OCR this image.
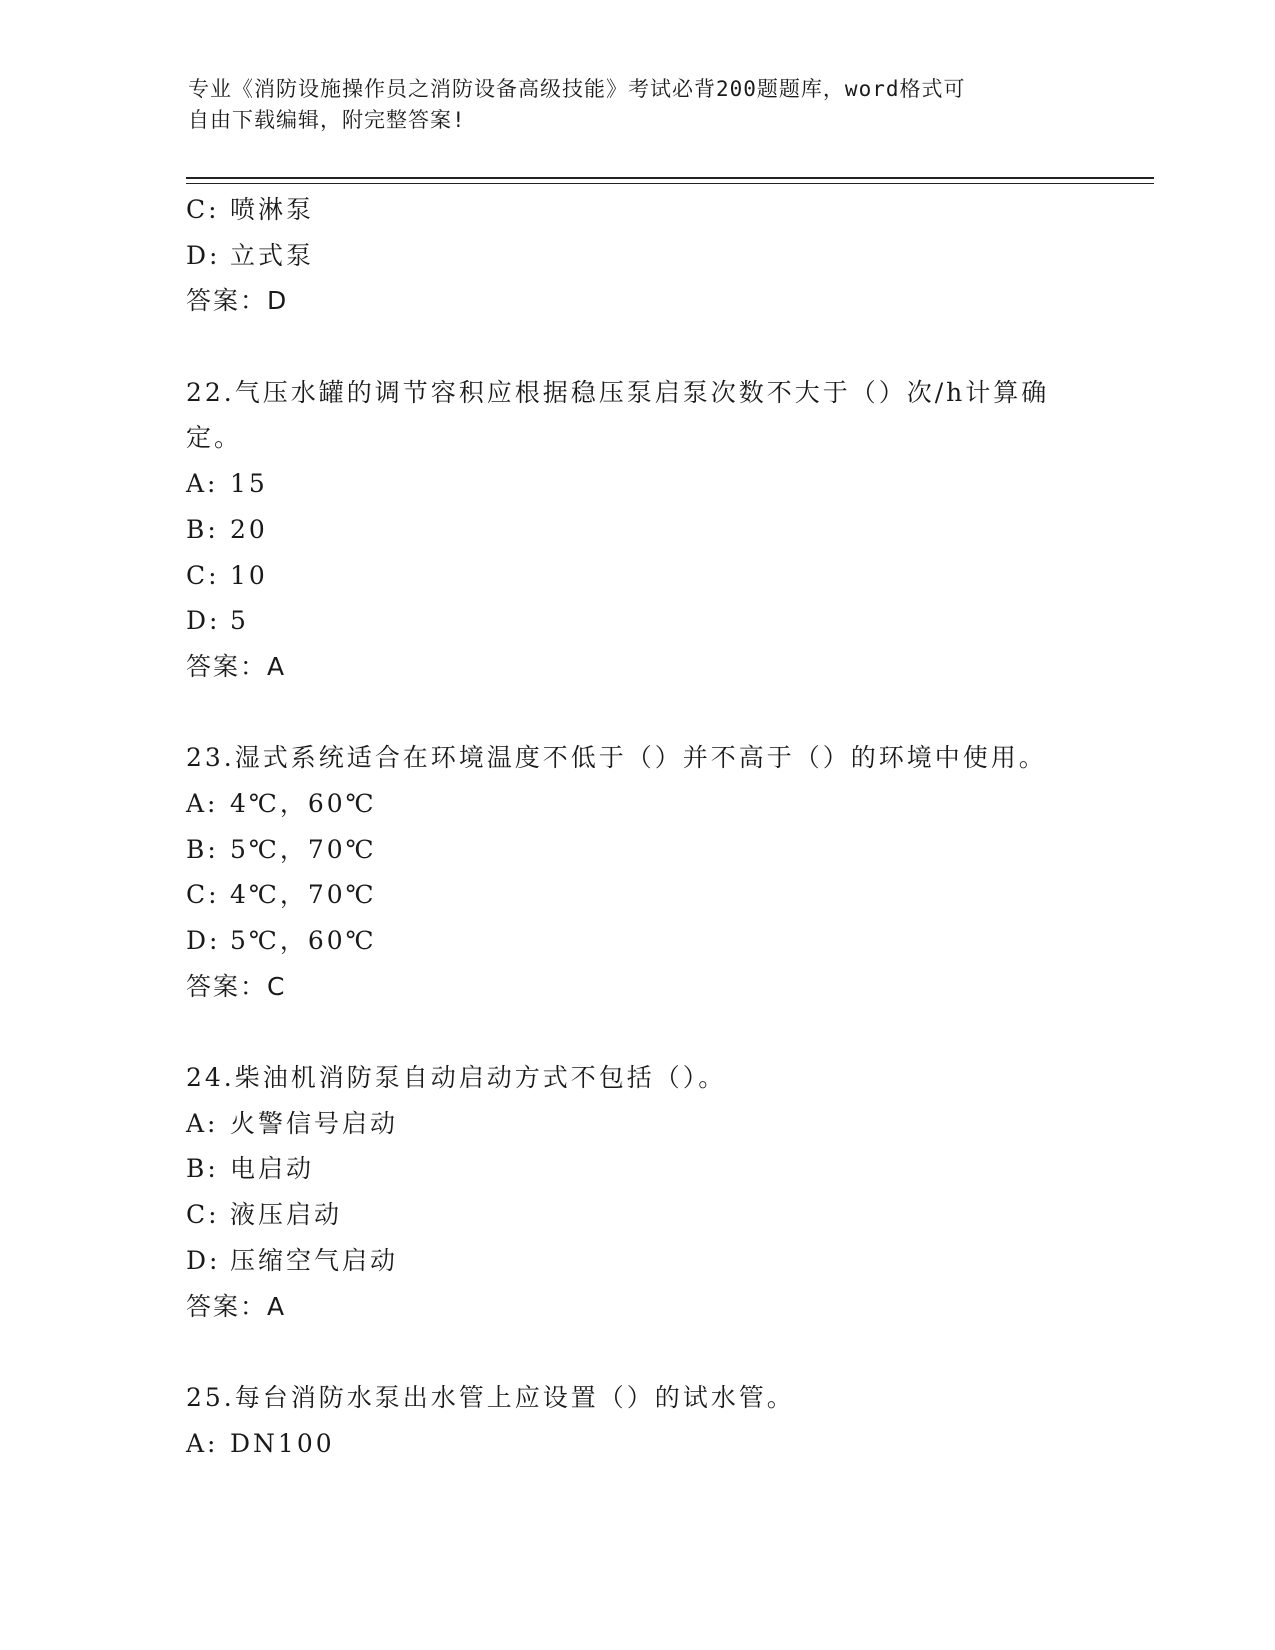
专业《消防设施操作员之消防设备高级技能》考试必背200题题库，word格式可
自由下载编辑，附完整答案!
C: 喷淋泵
D: 立式泵
答案：D
22.气压水罐的调节容积应根据稳压泵启泵次数不大于（）次/h计算确
定。
A: 15
B: 20
C: 10
D: 5
答案：A
23.湿式系统适合在环境温度不低于（）并不高于（）的环境中使用。
A: 4℃，60℃
B: 5℃，70℃
C: 4℃，70℃
D: 5℃，60℃
答案：C
24.柴油机消防泵自动启动方式不包括（）。
A: 火警信号启动
B: 电启动
C: 液压启动
D: 压缩空气启动
答案：A
25.每台消防水泵出水管上应设置（）的试水管。
A: DN100
